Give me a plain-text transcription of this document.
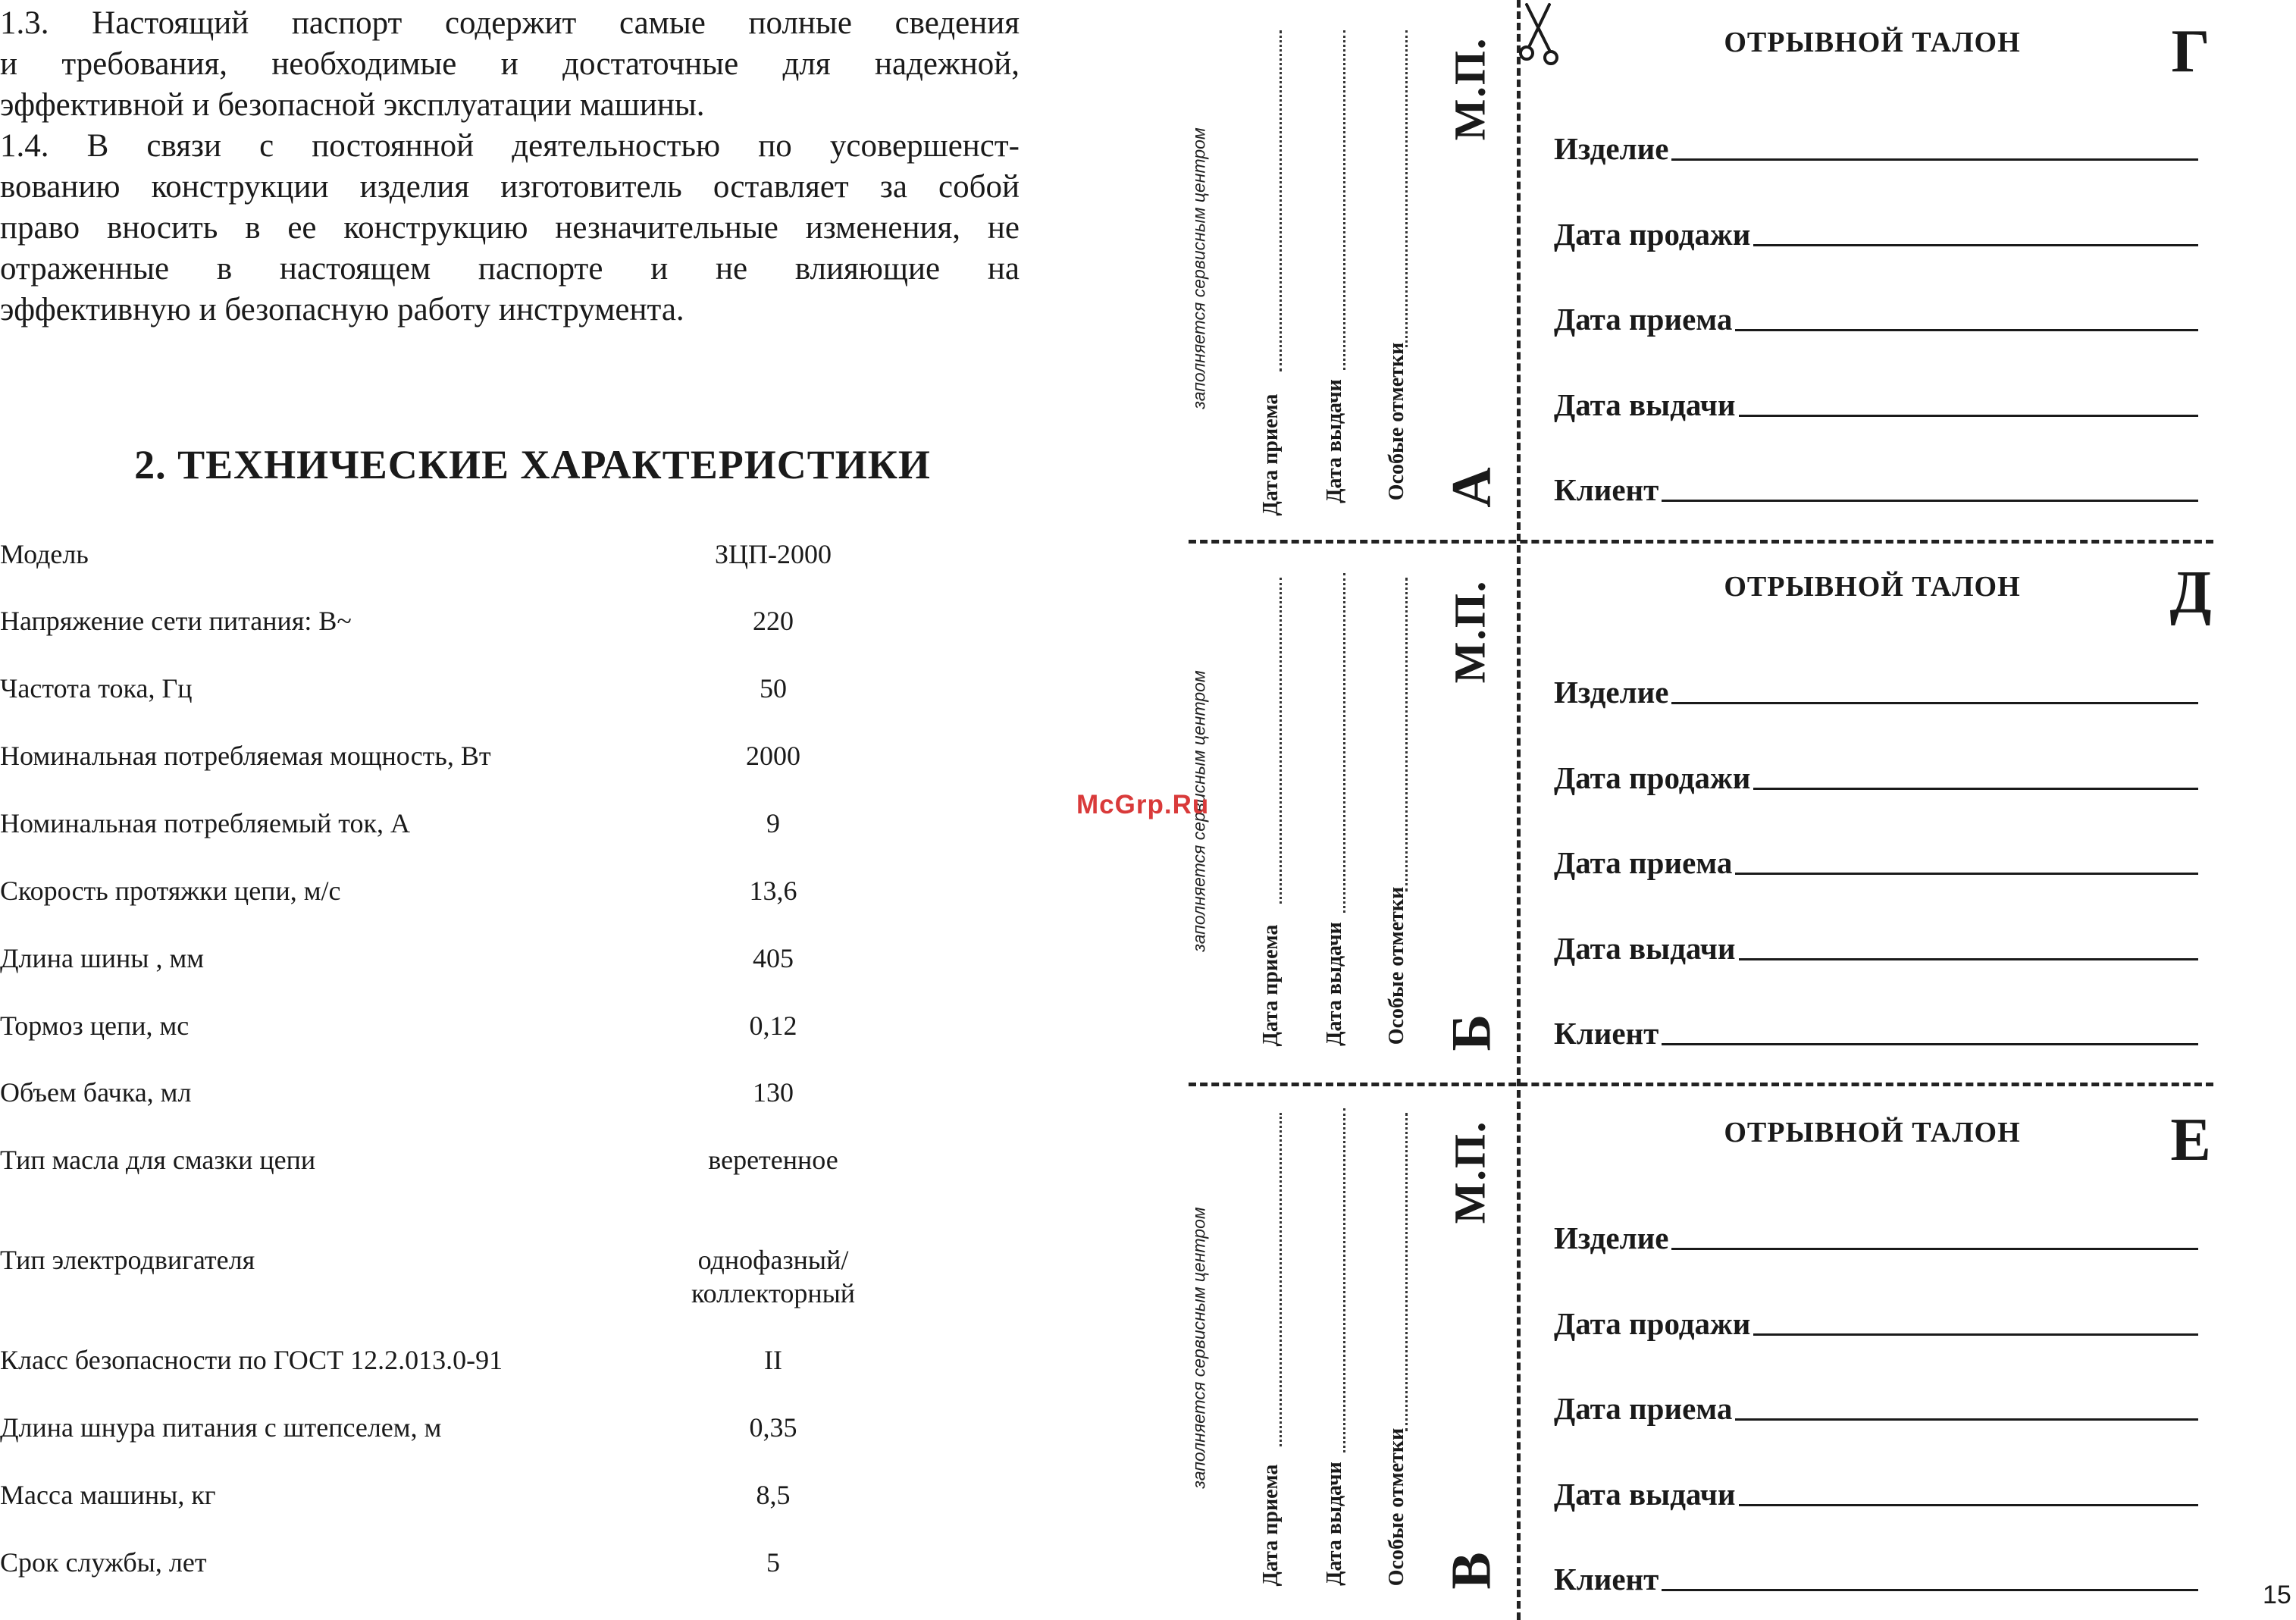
1.3. Настоящий паспорт содержит самые полные сведения
и требования, необходимые и достаточные для надежной,
эффективной и безопасной эксплуатации машины.
1.4. В связи с постоянной деятельностью по усовершенст-
вованию конструкции изделия изготовитель оставляет за собой
право вносить в ее конструкцию незначительные изменения, не
отраженные в настоящем паспорте и не влияющие на
эффективную и безопасную работу инструмента.
2. ТЕХНИЧЕСКИЕ ХАРАКТЕРИСТИКИ
Модель	ЗЦП-2000
Напряжение сети питания: В~	220
Частота тока, Гц	50
Номинальная потребляемая мощность, Вт	2000
Номинальная потребляемый ток, А	9
Скорость протяжки цепи, м/с	13,6
Длина шины , мм	405
Тормоз цепи, мс	0,12
Объем бачка, мл	130
Тип масла для смазки цепи	веретенное
Тип электродвигателя	однофазный/
коллекторный
Класс безопасности по ГОСТ 12.2.013.0-91	II
Длина шнура питания с штепселем, м	0,35
Масса машины, кг	8,5
Срок службы, лет	5
заполняется сервисным центром
Дата приема Дата выдачи Особые отметки
М.П.
А
заполняется сервисным центром
Дата приема Дата выдачи Особые отметки
М.П.
Б
заполняется сервисным центром
Дата приема Дата выдачи Особые отметки
М.П.
В
ОТРЫВНОЙ ТАЛОН	Г
Изделие
Дата продажи
Дата приема
Дата выдачи
Клиент
ОТРЫВНОЙ ТАЛОН	Д
Изделие
Дата продажи
Дата приема
Дата выдачи
Клиент
ОТРЫВНОЙ ТАЛОН	Е
Изделие
Дата продажи
Дата приема
Дата выдачи
Клиент
McGrp.Ru
15
